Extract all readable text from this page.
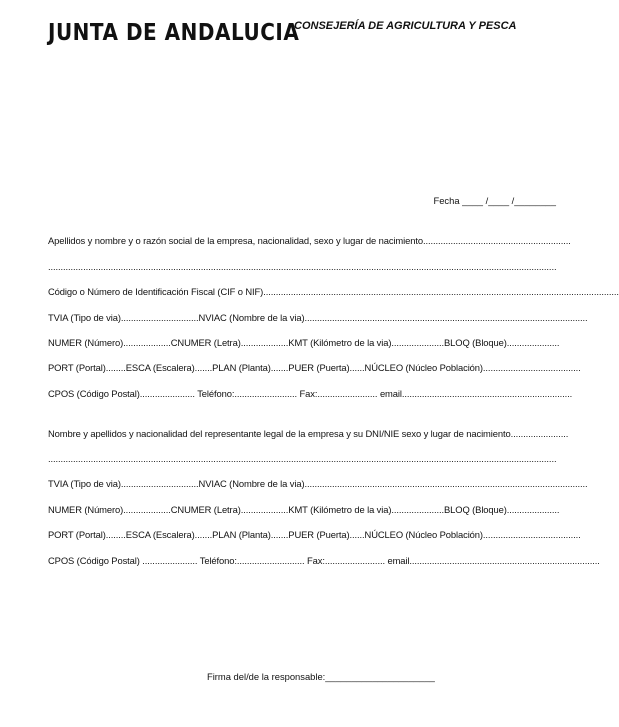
JUNTA DE ANDALUCIA
CONSEJERÍA DE AGRICULTURA Y PESCA
Fecha ____ /____ /________
Apellidos y nombre y o razón social de la empresa, nacionalidad, sexo y lugar de nacimiento...........................................................
...........................................................................................................................................................................................................
Código o Número de Identificación Fiscal (CIF o NIF)..............................................................................................................................................
TVIA (Tipo de via)...............................NVIAC (Nombre de la via).................................................................................................................
NUMER (Número)...................CNUMER (Letra)...................KMT (Kilómetro de la via).....................BLOQ (Bloque).....................
PORT (Portal)........ESCA (Escalera).......PLAN (Planta).......PUER (Puerta)......NÚCLEO (Núcleo Población).......................................
CPOS (Código Postal)...................... Teléfono:......................... Fax:........................ email....................................................................
Nombre y apellidos y nacionalidad del representante legal de la empresa y su DNI/NIE sexo y lugar de nacimiento.......................
...........................................................................................................................................................................................................
TVIA (Tipo de via)...............................NVIAC (Nombre de la via).................................................................................................................
NUMER (Número)...................CNUMER (Letra)...................KMT (Kilómetro de la via).....................BLOQ (Bloque).....................
PORT (Portal)........ESCA (Escalera).......PLAN (Planta).......PUER (Puerta)......NÚCLEO (Núcleo Población).......................................
CPOS (Código Postal) ...................... Teléfono:........................... Fax:........................ email............................................................................
Firma del/de la responsable:_____________________
